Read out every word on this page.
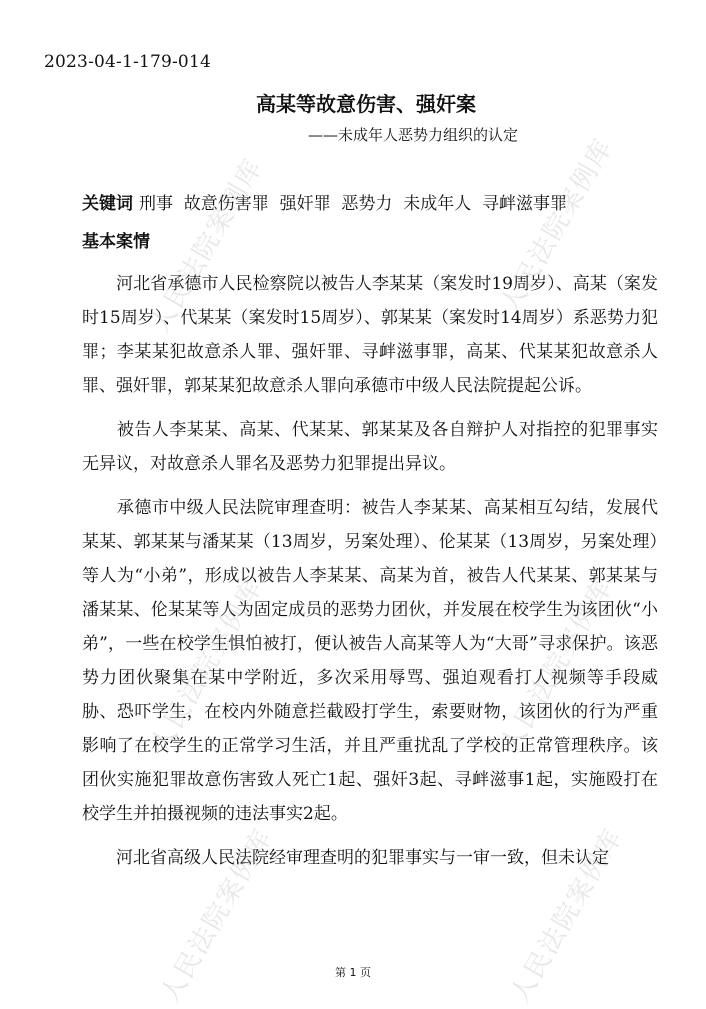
2023-04-1-179-014
高某等故意伤害、强奸案
——未成年人恶势力组织的认定
关键词 刑事  故意伤害罪  强奸罪  恶势力  未成年人  寻衅滋事罪
基本案情

　　河北省承德市人民检察院以被告人李某某（案发时19周岁）、高某（案发时15周岁）、代某某（案发时15周岁）、郭某某（案发时14周岁）系恶势力犯罪；李某某犯故意杀人罪、强奸罪、寻衅滋事罪，高某、代某某犯故意杀人罪、强奸罪，郭某某犯故意杀人罪向承德市中级人民法院提起公诉。

　　被告人李某某、高某、代某某、郭某某及各自辩护人对指控的犯罪事实无异议，对故意杀人罪名及恶势力犯罪提出异议。

　　承德市中级人民法院审理查明：被告人李某某、高某相互勾结，发展代某某、郭某某与潘某某（13周岁，另案处理）、伦某某（13周岁，另案处理）等人为“小弟”，形成以被告人李某某、高某为首，被告人代某某、郭某某与潘某某、伦某某等人为固定成员的恶势力团伙，并发展在校学生为该团伙“小弟”，一些在校学生惧怕被打，便认被告人高某等人为“大哥”寻求保护。该恶势力团伙聚集在某中学附近，多次采用辱骂、强迫观看打人视频等手段威胁、恐吓学生，在校内外随意拦截殴打学生，索要财物，该团伙的行为严重影响了在校学生的正常学习生活，并且严重扰乱了学校的正常管理秩序。该团伙实施犯罪故意伤害致人死亡1起、强奸3起、寻衅滋事1起，实施殴打在校学生并拍摄视频的违法事实2起。

　　河北省高级人民法院经审理查明的犯罪事实与一审一致，但未认定

人民法院案例库	人民法院案例库
人民法院案例库	人民法院案例库
人民法院案例库	人民法院案例库
第 1 页
